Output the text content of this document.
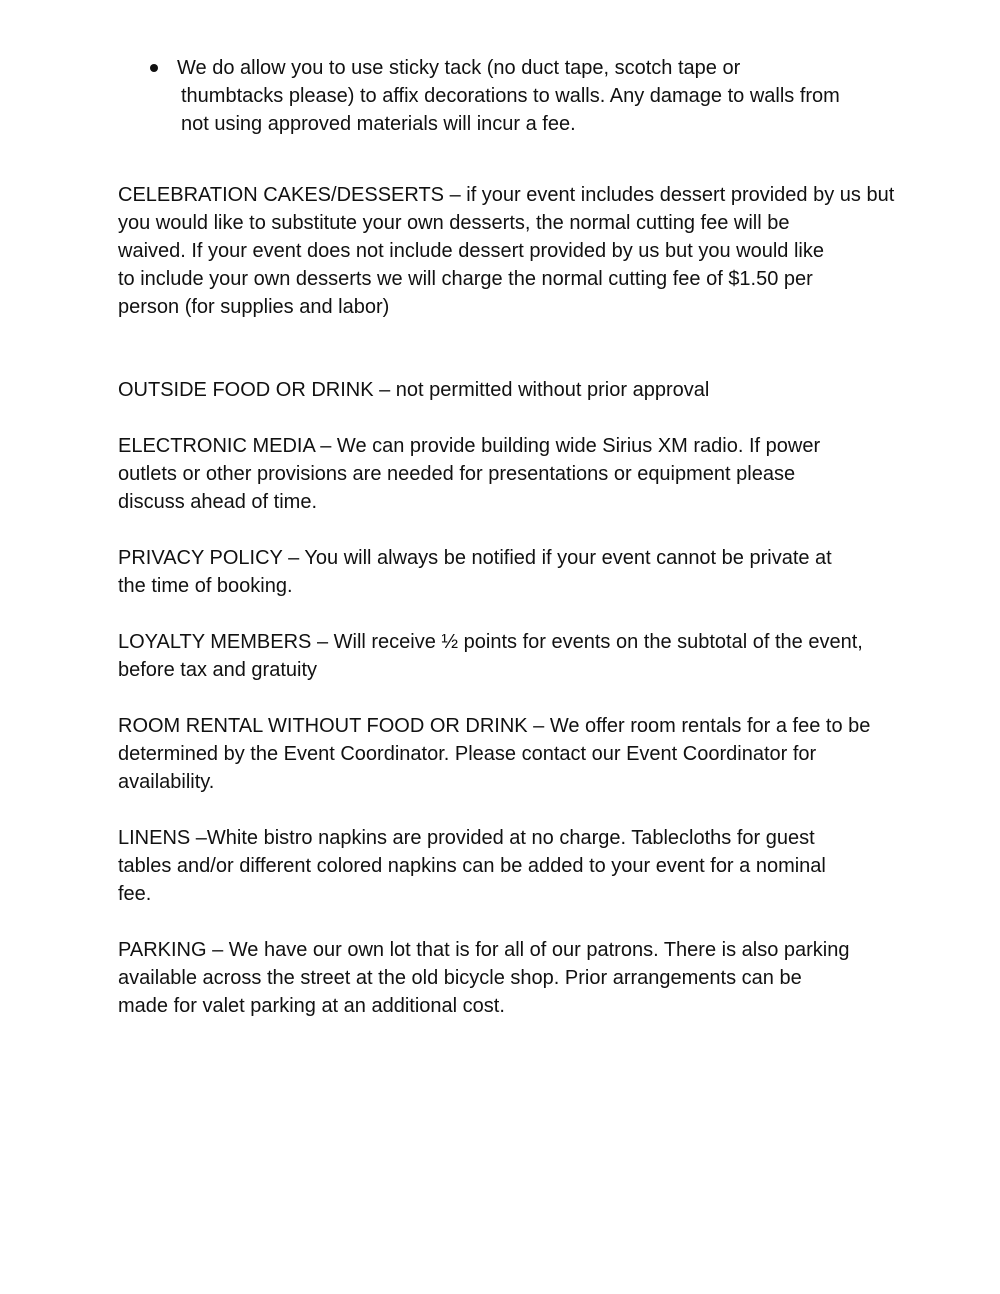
We do allow you to use sticky tack (no duct tape, scotch tape or
thumbtacks please) to affix decorations to walls. Any damage to walls from
not using approved materials will incur a fee.
CELEBRATION CAKES/DESSERTS – if your event includes dessert provided by us but
you would like to substitute your own desserts, the normal cutting fee will be
waived. If your event does not include dessert provided by us but you would like
to include your own desserts we will charge the normal cutting fee of $1.50 per
person (for supplies and labor)
OUTSIDE FOOD OR DRINK – not permitted without prior approval
ELECTRONIC MEDIA – We can provide building wide Sirius XM radio. If power
outlets or other provisions are needed for presentations or equipment please
discuss ahead of time.
PRIVACY POLICY – You will always be notified if your event cannot be private at
the time of booking.
LOYALTY MEMBERS – Will receive ½ points for events on the subtotal of the event,
before tax and gratuity
ROOM RENTAL WITHOUT FOOD OR DRINK – We offer room rentals for a fee to be
determined by the Event Coordinator. Please contact our Event Coordinator for
availability.
LINENS –White bistro napkins are provided at no charge. Tablecloths for guest
tables and/or different colored napkins can be added to your event for a nominal
fee.
PARKING – We have our own lot that is for all of our patrons. There is also parking
available across the street at the old bicycle shop. Prior arrangements can be
made for valet parking at an additional cost.
